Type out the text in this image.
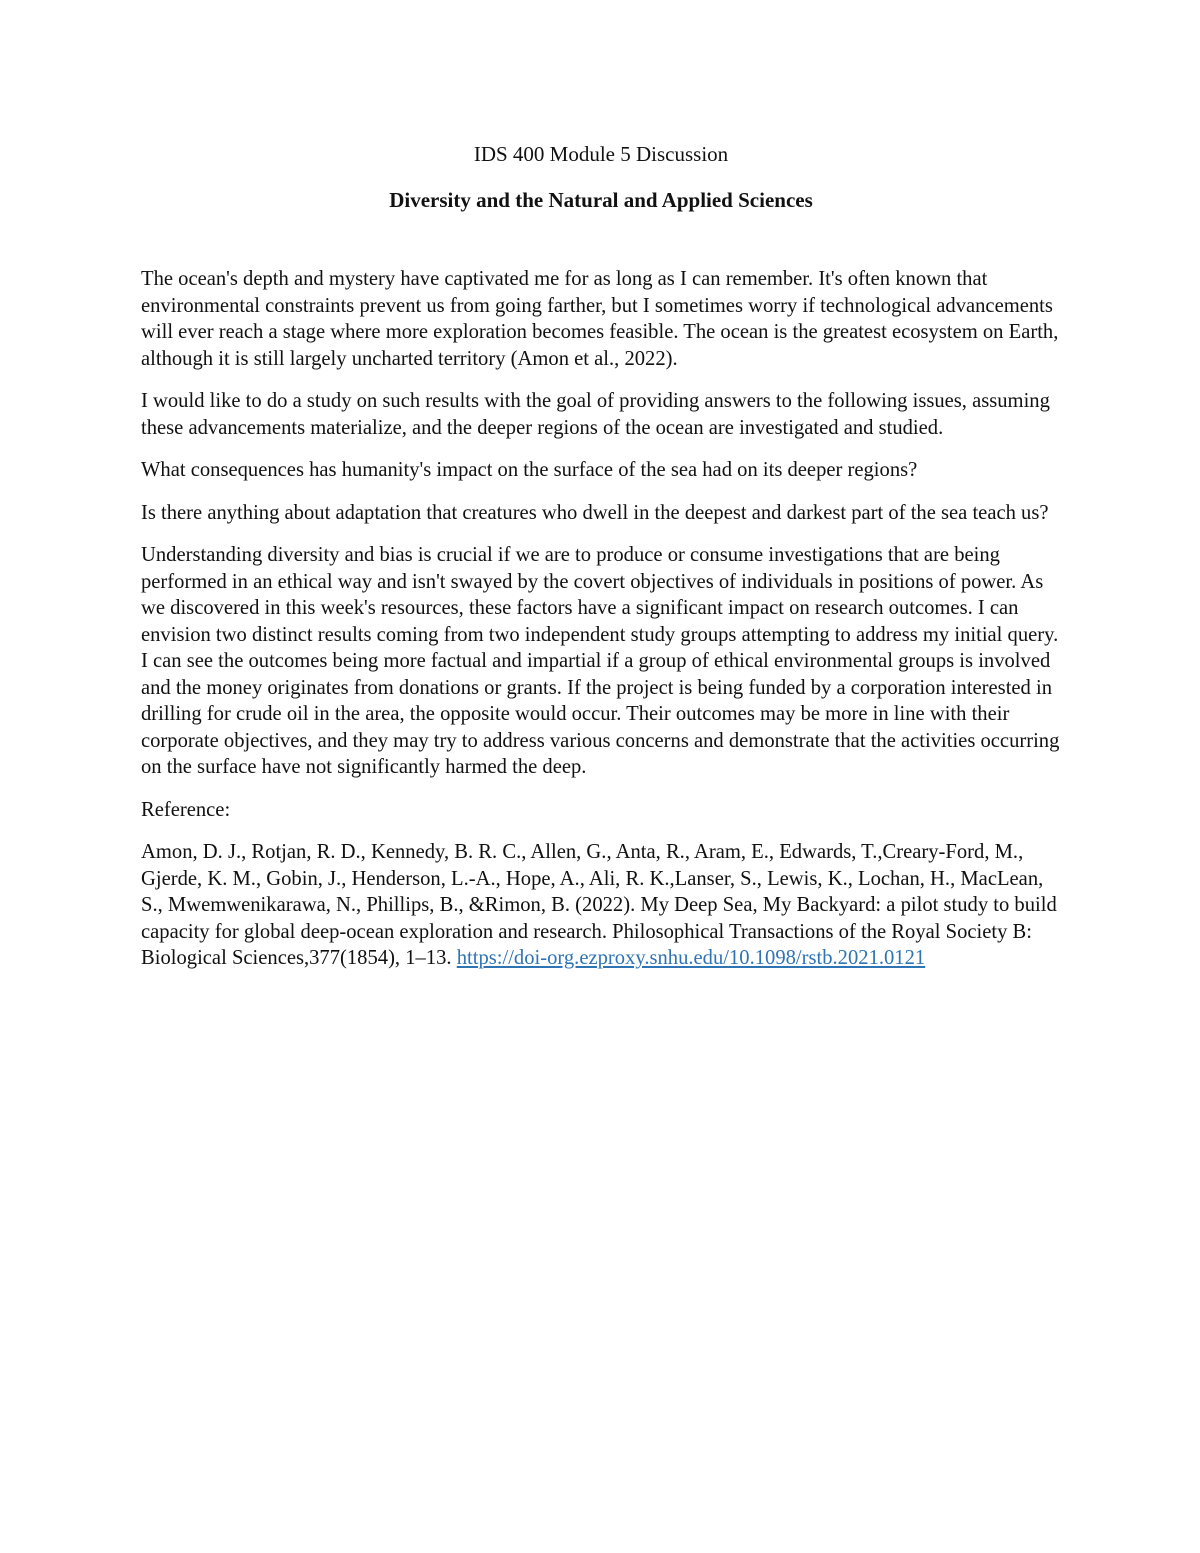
IDS 400 Module 5 Discussion
Diversity and the Natural and Applied Sciences

The ocean's depth and mystery have captivated me for as long as I can remember. It's often known that environmental constraints prevent us from going farther, but I sometimes worry if technological advancements will ever reach a stage where more exploration becomes feasible. The ocean is the greatest ecosystem on Earth, although it is still largely uncharted territory (Amon et al., 2022).

I would like to do a study on such results with the goal of providing answers to the following issues, assuming these advancements materialize, and the deeper regions of the ocean are investigated and studied.

What consequences has humanity's impact on the surface of the sea had on its deeper regions?

Is there anything about adaptation that creatures who dwell in the deepest and darkest part of the sea teach us?

Understanding diversity and bias is crucial if we are to produce or consume investigations that are being performed in an ethical way and isn't swayed by the covert objectives of individuals in positions of power. As we discovered in this week's resources, these factors have a significant impact on research outcomes. I can envision two distinct results coming from two independent study groups attempting to address my initial query. I can see the outcomes being more factual and impartial if a group of ethical environmental groups is involved and the money originates from donations or grants. If the project is being funded by a corporation interested in drilling for crude oil in the area, the opposite would occur. Their outcomes may be more in line with their corporate objectives, and they may try to address various concerns and demonstrate that the activities occurring on the surface have not significantly harmed the deep.

Reference:

Amon, D. J., Rotjan, R. D., Kennedy, B. R. C., Allen, G., Anta, R., Aram, E., Edwards, T.,Creary-Ford, M., Gjerde, K. M., Gobin, J., Henderson, L.-A., Hope, A., Ali, R. K.,Lanser, S., Lewis, K., Lochan, H., MacLean, S., Mwemwenikarawa, N., Phillips, B., &Rimon, B. (2022). My Deep Sea, My Backyard: a pilot study to build capacity for global deep-ocean exploration and research. Philosophical Transactions of the Royal Society B: Biological Sciences,377(1854), 1–13. https://doi-org.ezproxy.snhu.edu/10.1098/rstb.2021.0121
